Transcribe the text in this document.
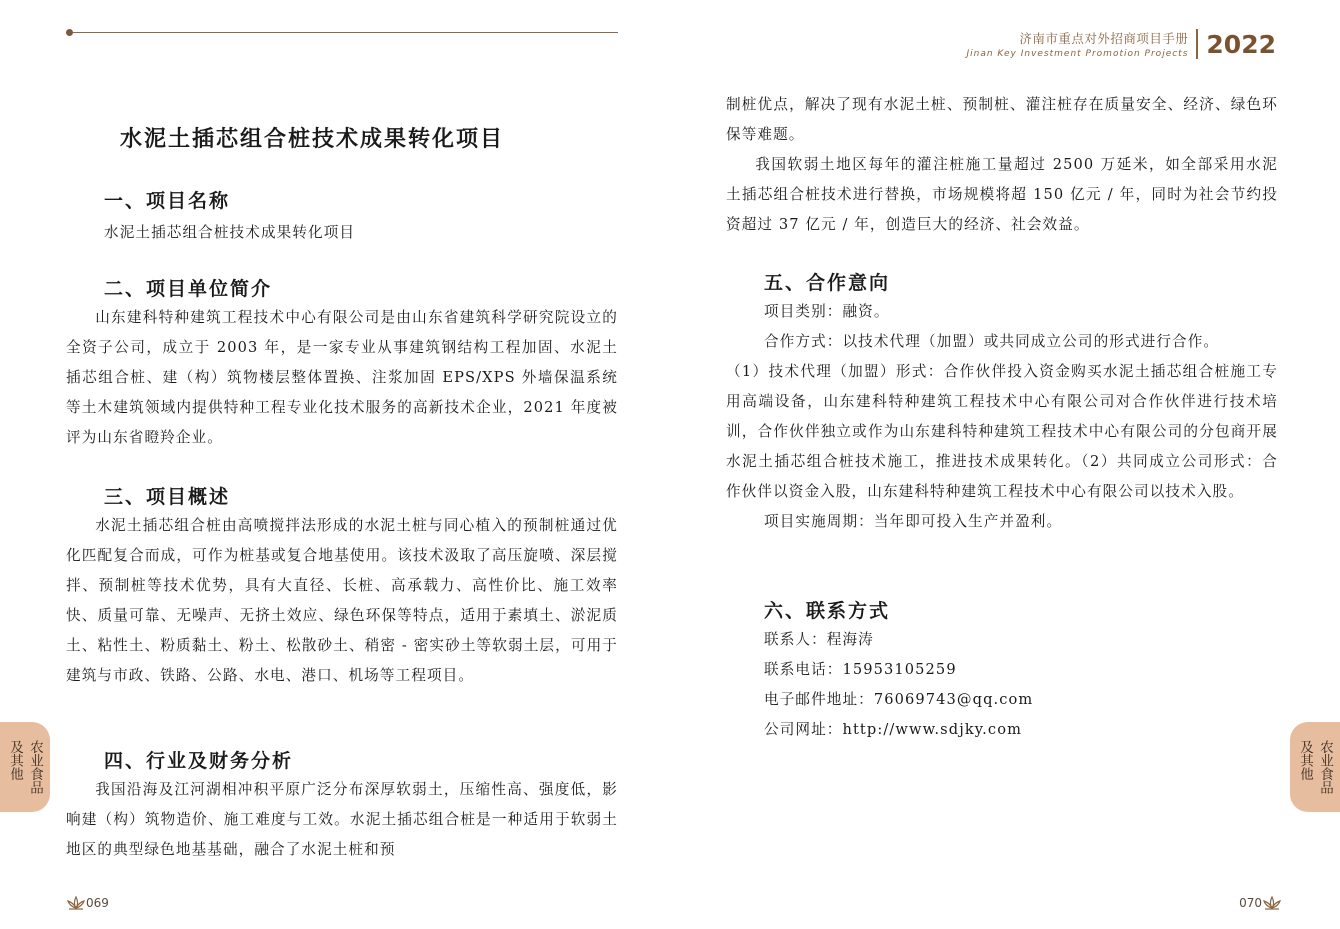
水泥土插芯组合桩技术成果转化项目
一、项目名称
水泥土插芯组合桩技术成果转化项目
二、项目单位简介
山东建科特种建筑工程技术中心有限公司是由山东省建筑科学研究院设立的全资子公司，成立于 2003 年，是一家专业从事建筑钢结构工程加固、水泥土插芯组合桩、建（构）筑物楼层整体置换、注浆加固 EPS/XPS 外墙保温系统等土木建筑领域内提供特种工程专业化技术服务的高新技术企业，2021 年度被评为山东省瞪羚企业。
三、项目概述
水泥土插芯组合桩由高喷搅拌法形成的水泥土桩与同心植入的预制桩通过优化匹配复合而成，可作为桩基或复合地基使用。该技术汲取了高压旋喷、深层搅拌、预制桩等技术优势，具有大直径、长桩、高承载力、高性价比、施工效率快、质量可靠、无噪声、无挤土效应、绿色环保等特点，适用于素填土、淤泥质土、粘性土、粉质黏土、粉土、松散砂土、稍密 - 密实砂土等软弱土层，可用于建筑与市政、铁路、公路、水电、港口、机场等工程项目。
四、行业及财务分析
我国沿海及江河湖相冲积平原广泛分布深厚软弱土，压缩性高、强度低，影响建（构）筑物造价、施工难度与工效。水泥土插芯组合桩是一种适用于软弱土地区的典型绿色地基基础，融合了水泥土桩和预
农业食品
及其他
069
济南市重点对外招商项目手册
Jinan Key Investment Promotion Projects 2022
制桩优点，解决了现有水泥土桩、预制桩、灌注桩存在质量安全、经济、绿色环保等难题。
我国软弱土地区每年的灌注桩施工量超过 2500 万延米，如全部采用水泥土插芯组合桩技术进行替换，市场规模将超 150 亿元 / 年，同时为社会节约投资超过 37 亿元 / 年，创造巨大的经济、社会效益。
五、合作意向
项目类别：融资。
合作方式：以技术代理（加盟）或共同成立公司的形式进行合作。
（1）技术代理（加盟）形式：合作伙伴投入资金购买水泥土插芯组合桩施工专用高端设备，山东建科特种建筑工程技术中心有限公司对合作伙伴进行技术培训，合作伙伴独立或作为山东建科特种建筑工程技术中心有限公司的分包商开展水泥土插芯组合桩技术施工，推进技术成果转化。（2）共同成立公司形式：合作伙伴以资金入股，山东建科特种建筑工程技术中心有限公司以技术入股。
项目实施周期：当年即可投入生产并盈利。
六、联系方式
联系人：程海涛
联系电话：15953105259
电子邮件地址：76069743@qq.com
公司网址：http://www.sdjky.com
农业食品
及其他
070
